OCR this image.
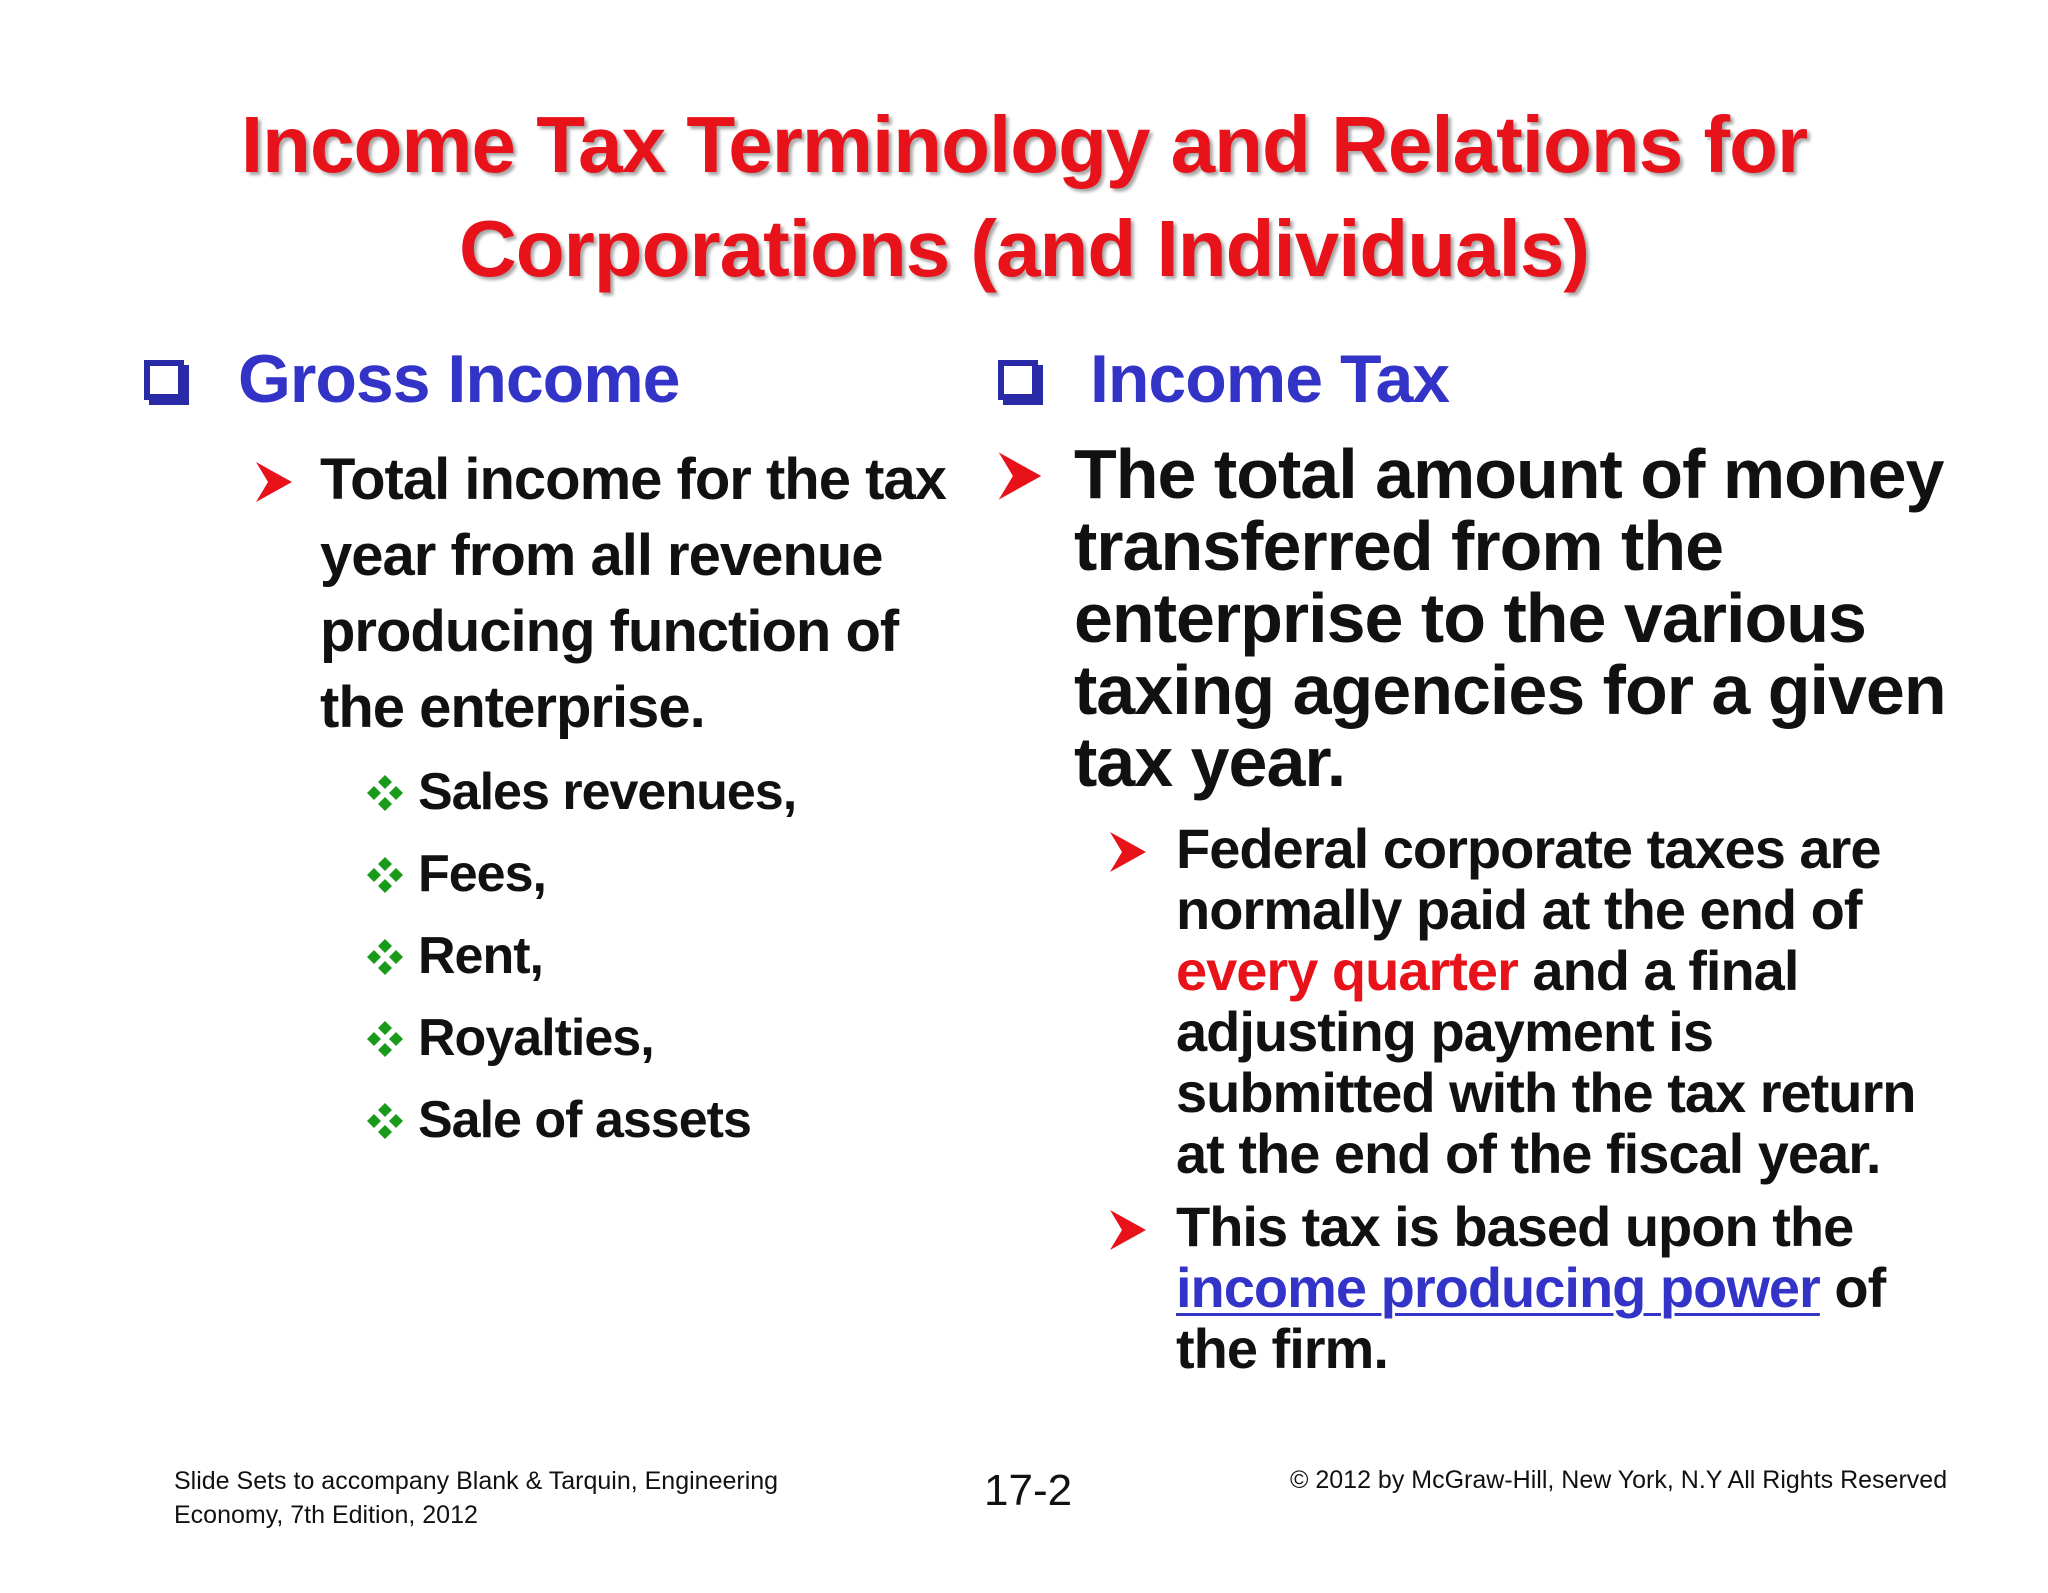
Income Tax Terminology and Relations for
Corporations (and Individuals)
Gross Income
Total income for the tax
year from all revenue
producing function of
the enterprise.
Sales revenues,
Fees,
Rent,
Royalties,
Sale of assets
Income Tax
The total amount of money
transferred from the
enterprise to the various
taxing agencies for a given
tax year.
Federal corporate taxes are
normally paid at the end of
every quarter and a final
adjusting payment is
submitted with the tax return
at the end of the fiscal year.
This tax is based upon the
income producing power of
the firm.
Slide Sets to accompany Blank & Tarquin, Engineering
Economy, 7th Edition, 2012	17-2	© 2012 by McGraw-Hill, New York, N.Y All Rights Reserved
